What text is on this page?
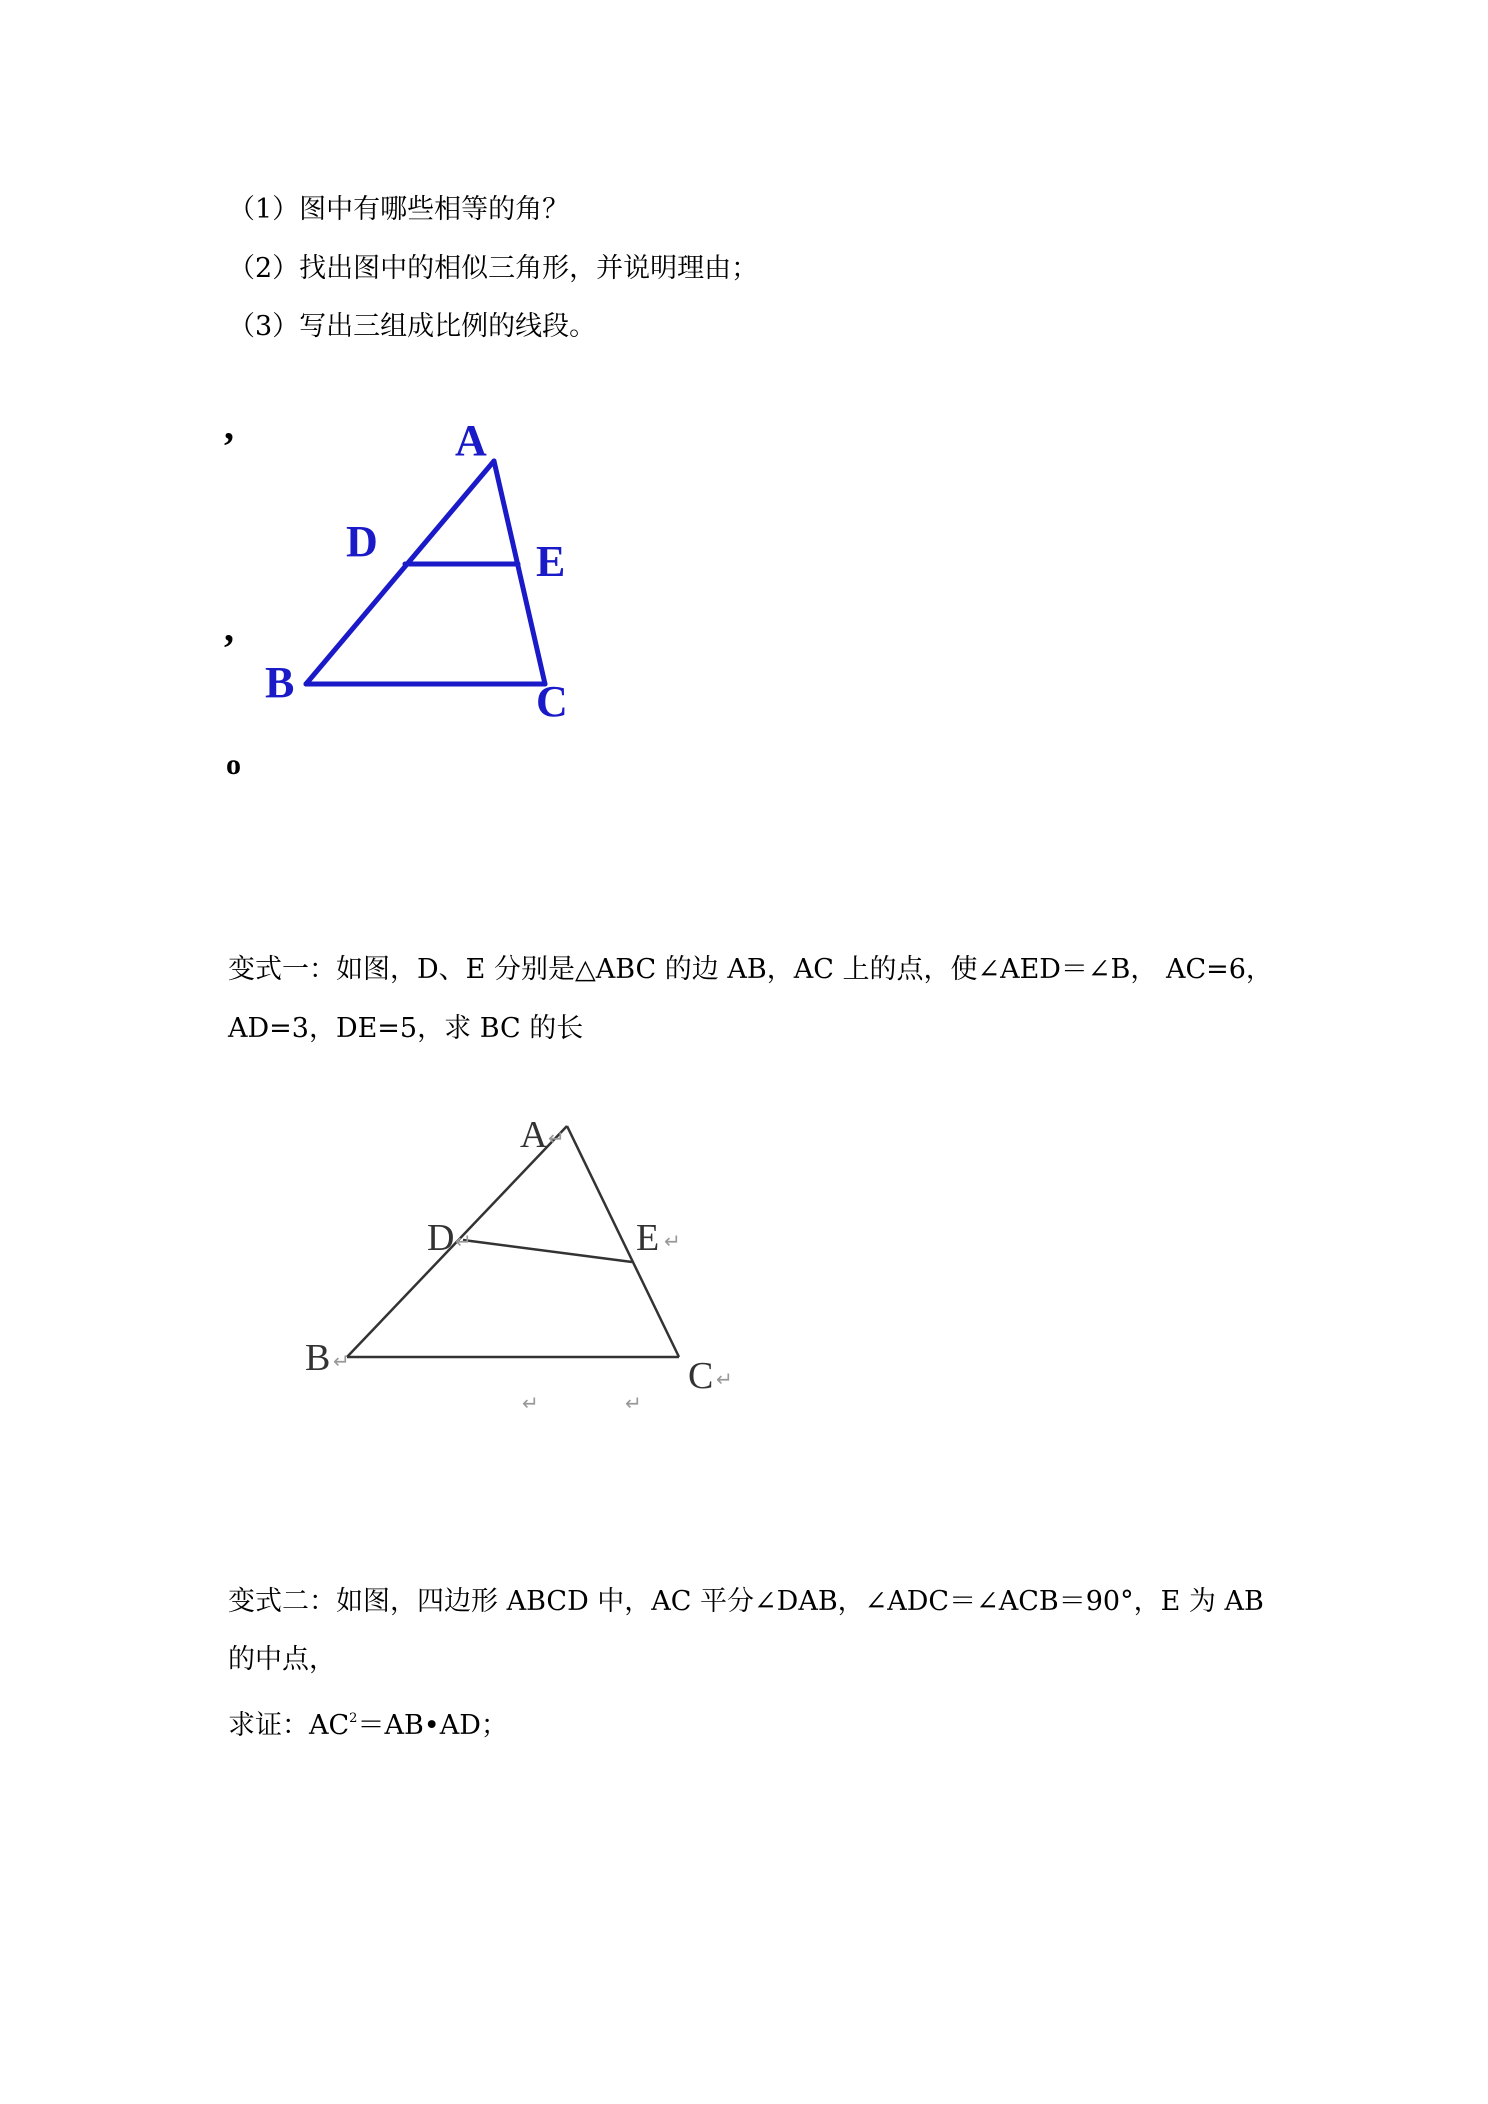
（1）图中有哪些相等的角？
（2）找出图中的相似三角形，并说明理由；
（3）写出三组成比例的线段。
,
,
o
A
D	E
B	C
变式一：如图，D、E 分别是△ABC 的边 AB，AC 上的点，使∠AED＝∠B， AC=6，
AD=3，DE=5，求 BC 的长
A ↵
D ↵	E ↵
B ↵	C ↵
↵	↵
变式二：如图，四边形 ABCD 中，AC 平分∠DAB，∠ADC＝∠ACB＝90°，E 为 AB
的中点，
求证：$AC^2=AB•AD$；
